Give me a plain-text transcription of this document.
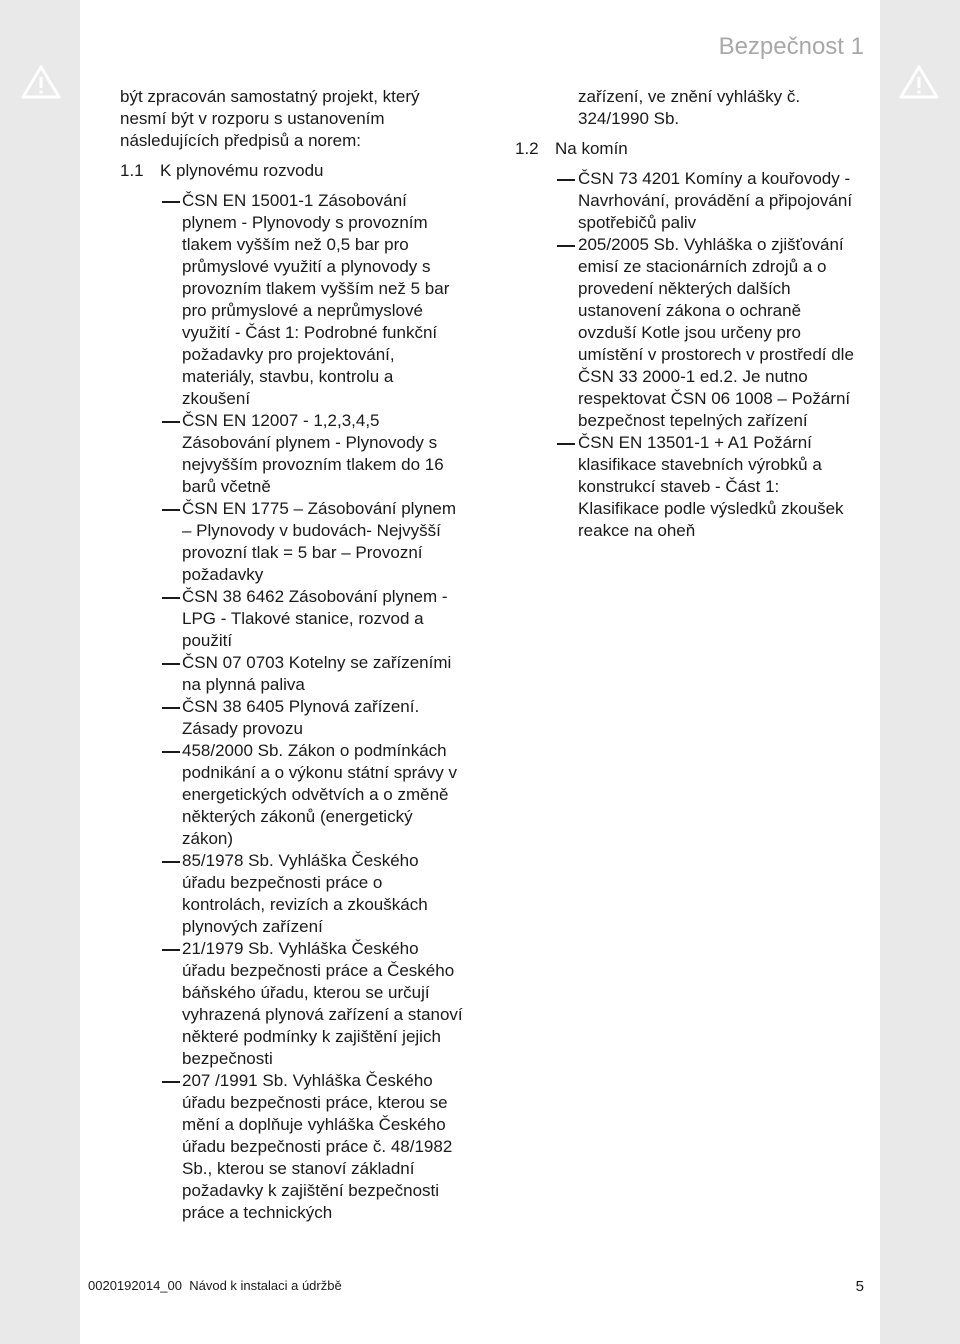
Bezpečnost 1

být zpracován samostatný projekt, který nesmí být v rozporu s ustanovením následujících předpisů a norem:

1.1 K plynovému rozvodu
ČSN EN 15001-1 Zásobování plynem - Plynovody s provozním tlakem vyšším než 0,5 bar pro průmyslové využití a plynovody s provozním tlakem vyšším než 5 bar pro průmyslové a neprůmyslové využití - Část 1: Podrobné funkční požadavky pro projektování, materiály, stavbu, kontrolu a zkoušení
ČSN EN 12007 - 1,2,3,4,5 Zásobování plynem - Plynovody s nejvyšším provozním tlakem do 16 barů včetně
ČSN EN 1775 – Zásobování plynem – Plynovody v budovách- Nejvyšší provozní tlak = 5 bar – Provozní požadavky
ČSN 38 6462 Zásobování plynem - LPG - Tlakové stanice, rozvod a použití
ČSN 07 0703 Kotelny se zařízeními na plynná paliva
ČSN 38 6405 Plynová zařízení. Zásady provozu
458/2000 Sb. Zákon o podmínkách podnikání a o výkonu státní správy v energetických odvětvích a o změně některých zákonů (energetický zákon)
85/1978 Sb. Vyhláška Českého úřadu bezpečnosti práce o kontrolách, revizích a zkouškách plynových zařízení
21/1979 Sb. Vyhláška Českého úřadu bezpečnosti práce a Českého báňského úřadu, kterou se určují vyhrazená plynová zařízení a stanoví některé podmínky k zajištění jejich bezpečnosti
207 /1991 Sb. Vyhláška Českého úřadu bezpečnosti práce, kterou se mění a doplňuje vyhláška Českého úřadu bezpečnosti práce č. 48/1982 Sb., kterou se stanoví základní požadavky k zajištění bezpečnosti práce a technických

zařízení, ve znění vyhlášky č. 324/1990 Sb.

1.2 Na komín
ČSN 73 4201 Komíny a kouřovody - Navrhování, provádění a připojování spotřebičů paliv
205/2005 Sb. Vyhláška o zjišťování emisí ze stacionárních zdrojů a o provedení některých dalších ustanovení zákona o ochraně ovzduší Kotle jsou určeny pro umístění v prostorech v prostředí dle ČSN 33 2000-1 ed.2. Je nutno respektovat ČSN 06 1008 – Požární bezpečnost tepelných zařízení
ČSN EN 13501-1 + A1 Požární klasifikace stavebních výrobků a konstrukcí staveb - Část 1: Klasifikace podle výsledků zkoušek reakce na oheň
0020192014_00 Návod k instalaci a údržbě	5
